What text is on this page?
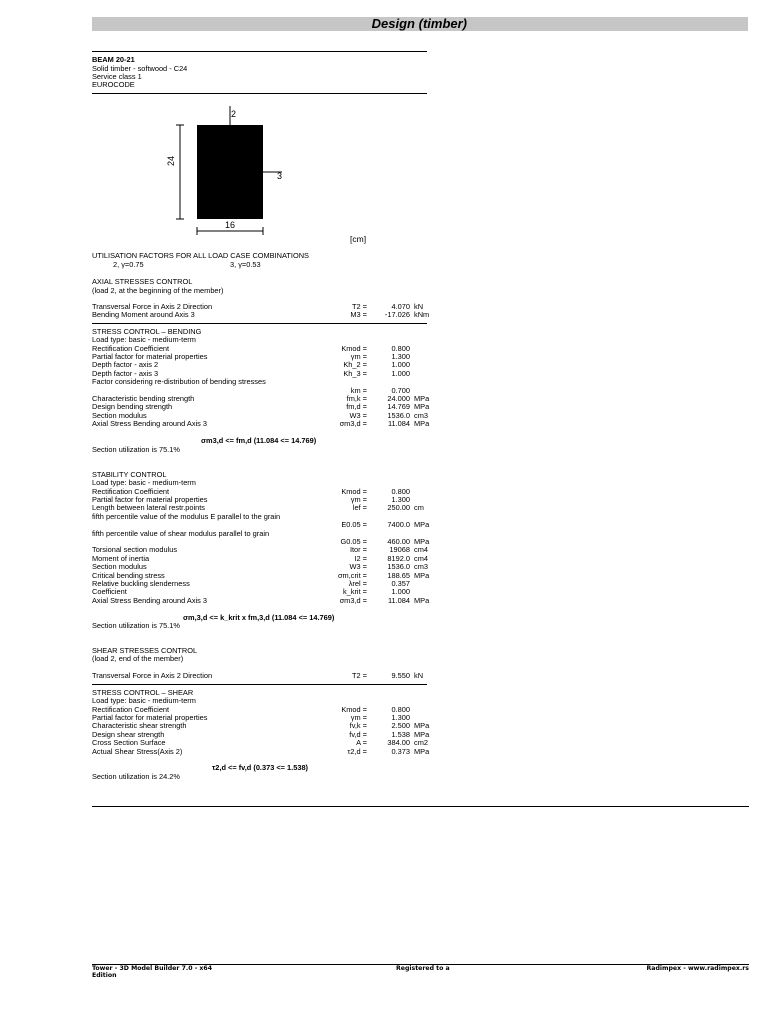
Design (timber)
BEAM 20-21
Solid timber - softwood - C24
Service class 1
EUROCODE
2
3
24
16
[cm]
UTILISATION FACTORS FOR ALL LOAD CASE COMBINATIONS
2, γ=0.75	3, γ=0.53
AXIAL STRESSES CONTROL
(load 2, at the beginning of the member)
Transversal Force in Axis 2 Direction	T2 =	4.070 kN
Bending Moment around Axis 3	M3 = -17.026 kNm
STRESS CONTROL – BENDING
Load type: basic - medium-term
Rectification Coefficient	Kmod =	0.800
Partial factor for material properties	γm =	1.300
Depth factor - axis 2	Kh_2 =	1.000
Depth factor - axis 3	Kh_3 =	1.000
Factor considering re-distribution of bending stresses
km =	0.700
Characteristic bending strength	fm,k =	24.000 MPa
Design bending strength	fm,d =	14.769 MPa
Section modulus	W3 =	1536.0 cm3
Axial Stress Bending around Axis 3	σm3,d =	11.084 MPa
σm3,d <= fm,d (11.084 <= 14.769)
Section utilization is 75.1%
STABILITY CONTROL
Load type: basic - medium-term
Rectification Coefficient	Kmod =	0.800
Partial factor for material properties	γm =	1.300
Length between lateral restr.points	lef =	250.00 cm
fifth percentile value of the modulus E parallel to the grain
E0.05 =	7400.0 MPa
fifth percentile value of shear modulus parallel to grain
G0.05 =	460.00 MPa
Torsional section modulus	Itor =	19068 cm4
Moment of inertia	I2 =	8192.0 cm4
Section modulus	W3 =	1536.0 cm3
Critical bending stress	σm,crit =	188.65 MPa
Relative buckling slenderness	λrel =	0.357
Coefficient	k_krit =	1.000
Axial Stress Bending around Axis 3	σm3,d =	11.084 MPa
σm,3,d <= k_krit x fm,3,d (11.084 <= 14.769)
Section utilization is 75.1%
SHEAR STRESSES CONTROL
(load 2, end of the member)
Transversal Force in Axis 2 Direction	T2 =	9.550 kN
STRESS CONTROL – SHEAR
Load type: basic - medium-term
Rectification Coefficient	Kmod =	0.800
Partial factor for material properties	γm =	1.300
Characteristic shear strength	fv,k =	2.500 MPa
Design shear strength	fv,d =	1.538 MPa
Cross Section Surface	A =	384.00 cm2
Actual Shear Stress(Axis 2)	τ2,d =	0.373 MPa
τ2,d <= fv,d (0.373 <= 1.538)
Section utilization is 24.2%
Tower - 3D Model Builder 7.0 - x64
Edition
Registered to a	Radimpex - www.radimpex.rs
